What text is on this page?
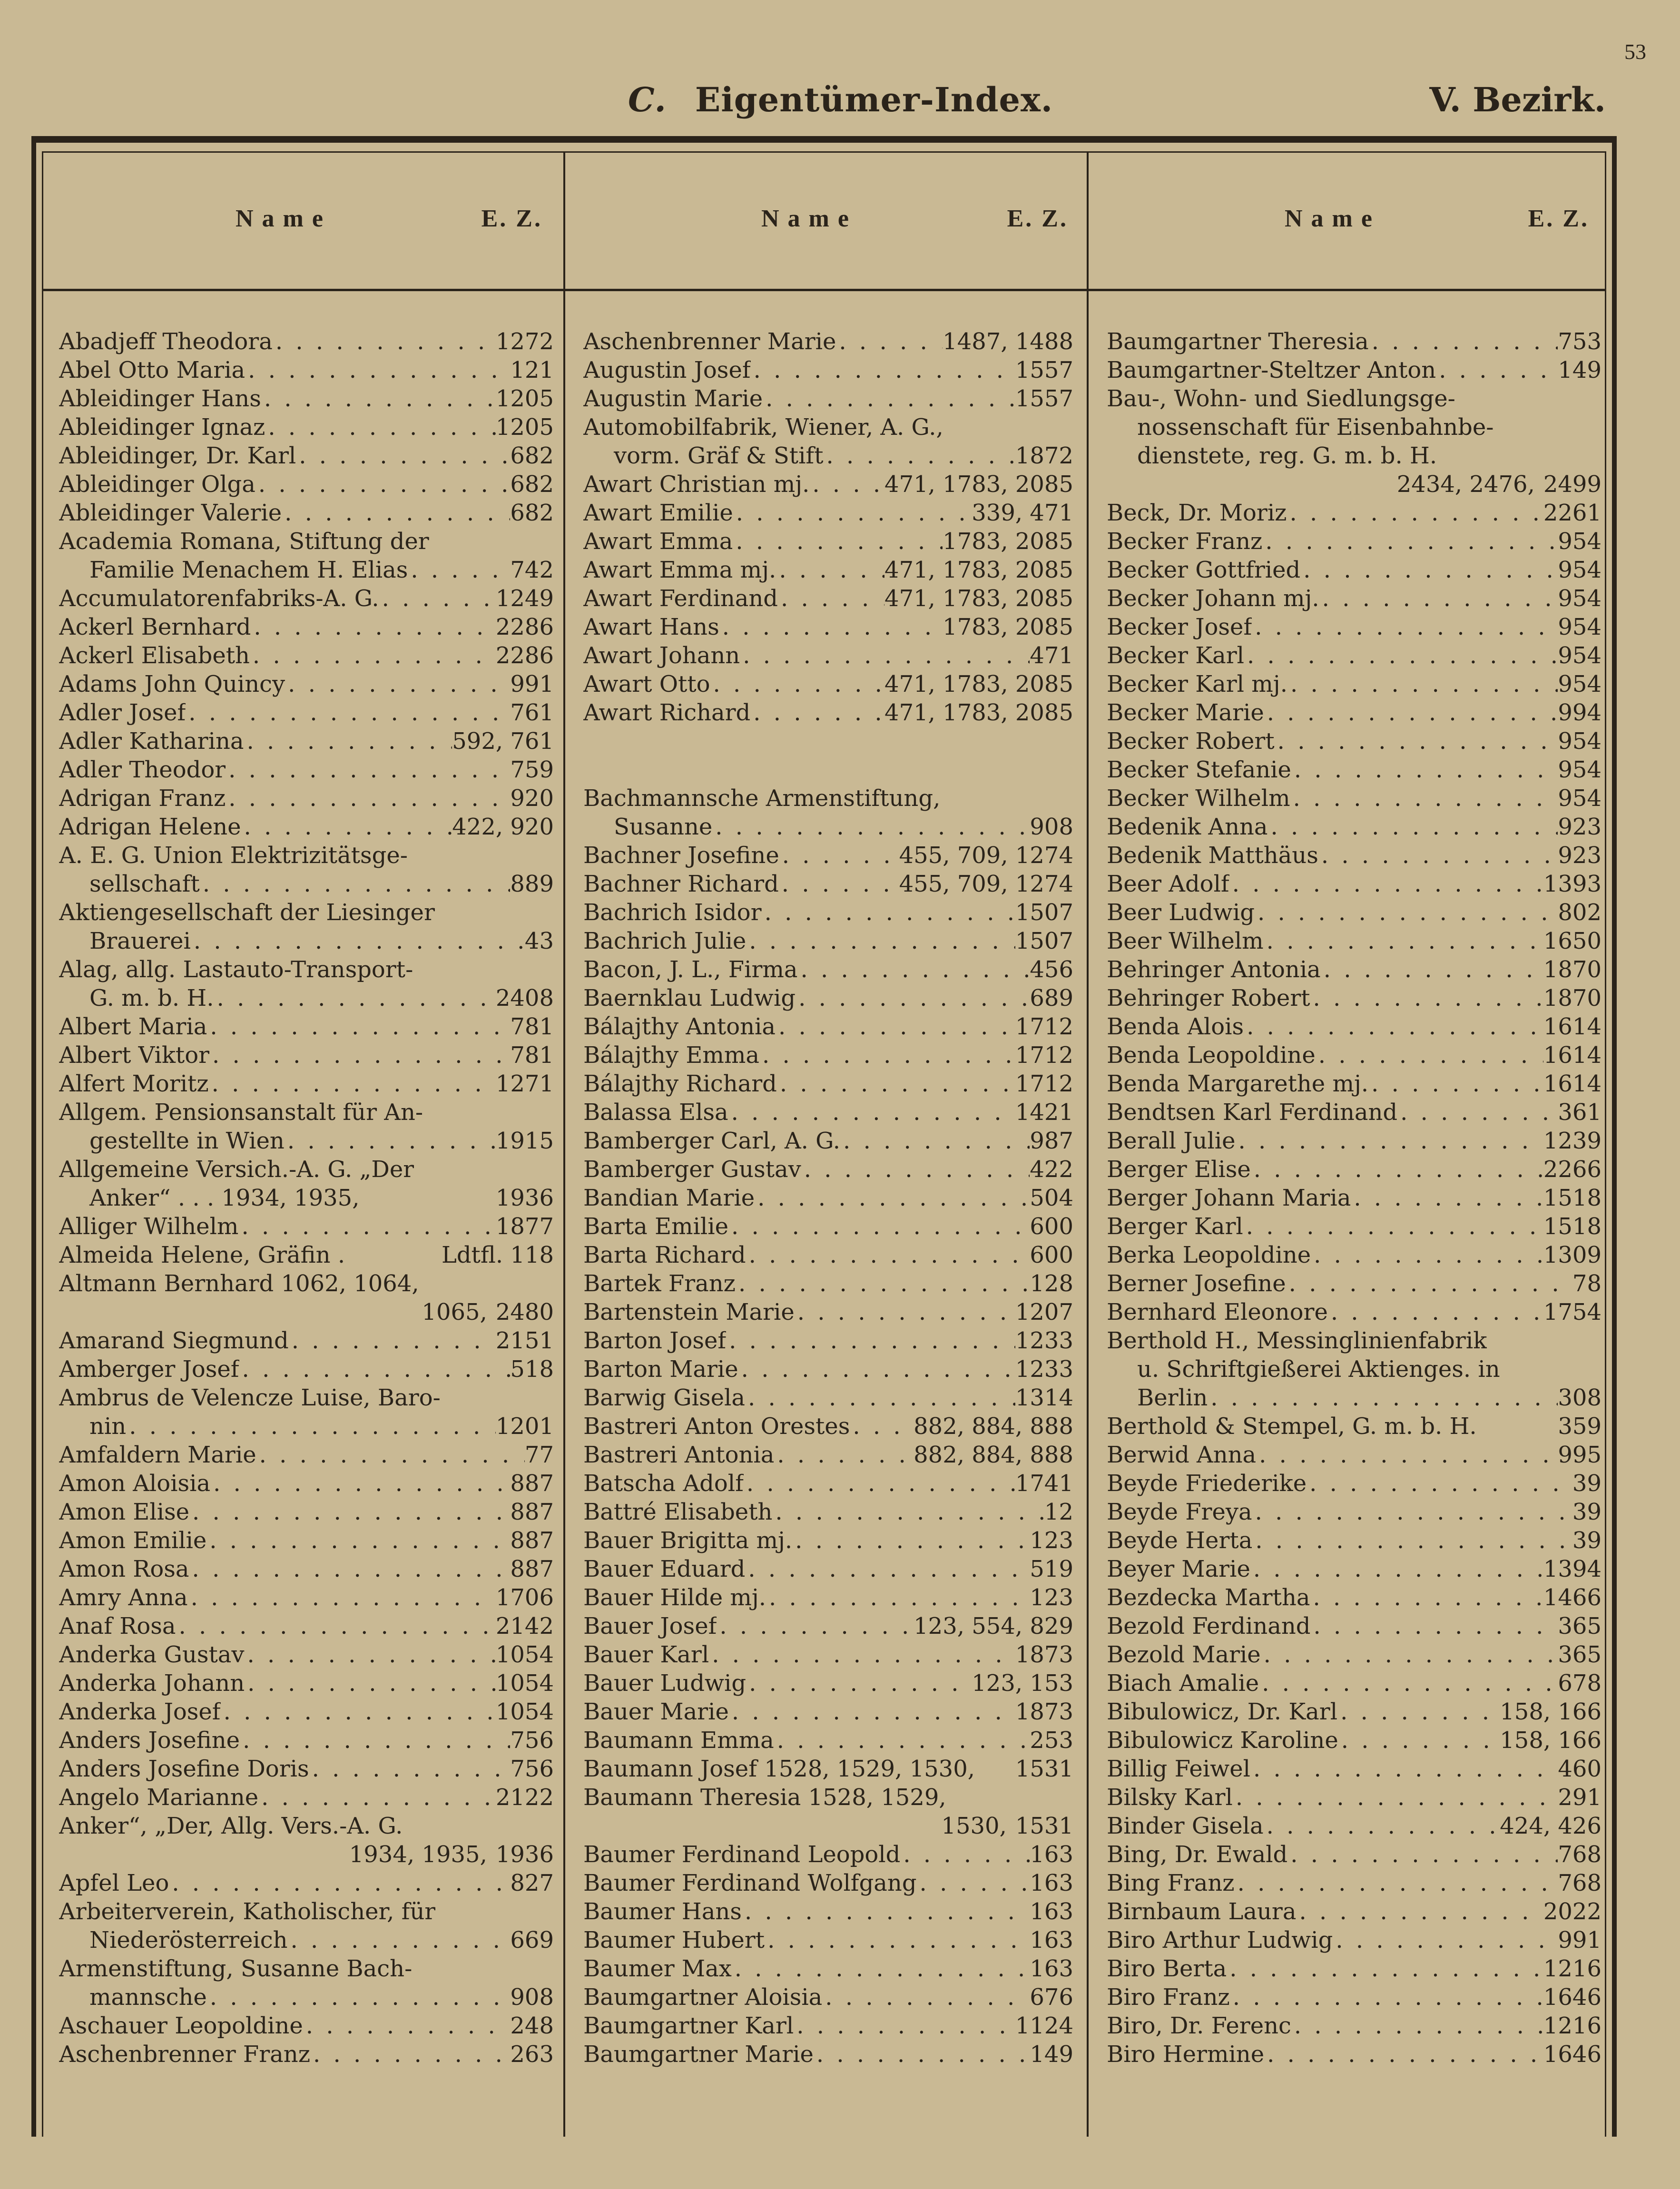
53
C. Eigentümer-Index.	V. Bezirk.
Name	E. Z.	Name	E. Z.	Name	E. Z.
Abadjeff Theodora . . .	1272
Abel Otto Maria . . .	121
Ableidinger Hans . . .	1205
Ableidinger Ignaz . . .	1205
Ableidinger, Dr. Karl . . .	682
Ableidinger Olga . . .	682
Ableidinger Valerie . . .	682
Academia Romana, Stiftung der
Familie Menachem H. Elias . . .	742
Accumulatorenfabriks-A. G. . . .	1249
Ackerl Bernhard . . .	2286
Ackerl Elisabeth . . .	2286
Adams John Quincy . . .	991
Adler Josef . . .	761
Adler Katharina . . .	592, 761
Adler Theodor . . .	759
Adrigan Franz . . .	920
Adrigan Helene . . .	422, 920
A. E. G. Union Elektrizitätsge-
sellschaft . . .	889
Aktiengesellschaft der Liesinger
Brauerei . . .	43
Alag, allg. Lastauto-Transport-
G. m. b. H. . . .	2408
Albert Maria . . .	781
Albert Viktor . . .	781
Alfert Moritz . . .	1271
Allgem. Pensionsanstalt für An-
gestellte in Wien . . .	1915
Allgemeine Versich.-A. G. „Der
Anker“ . . . 1934, 1935,	1936
Alliger Wilhelm . . .	1877
Almeida Helene, Gräfin .	Ldtfl. 118
Altmann Bernhard 1062, 1064,
1065, 2480
Amarand Siegmund . . .	2151
Amberger Josef . . .	518
Ambrus de Velencze Luise, Baro-
nin . . .	1201
Amfaldern Marie . . .	77
Amon Aloisia . . .	887
Amon Elise . . .	887
Amon Emilie . . .	887
Amon Rosa . . .	887
Amry Anna . . .	1706
Anaf Rosa . . .	2142
Anderka Gustav . . .	1054
Anderka Johann . . .	1054
Anderka Josef . . .	1054
Anders Josefine . . .	756
Anders Josefine Doris . . .	756
Angelo Marianne . . .	2122
Anker“, „Der, Allg. Vers.-A. G.
1934, 1935, 1936
Apfel Leo . . .	827
Arbeiterverein, Katholischer, für
Niederösterreich . . .	669
Armenstiftung, Susanne Bach-
mannsche . . .	908
Aschauer Leopoldine . . .	248
Aschenbrenner Franz . . .	263
Aschenbrenner Marie . . .	1487, 1488
Augustin Josef . . .	1557
Augustin Marie . . .	1557
Automobilfabrik, Wiener, A. G.,
vorm. Gräf & Stift . . .	1872
Awart Christian mj. . . .	471, 1783, 2085
Awart Emilie . . .	339, 471
Awart Emma . . .	1783, 2085
Awart Emma mj. . . .	471, 1783, 2085
Awart Ferdinand . . .	471, 1783, 2085
Awart Hans . . .	1783, 2085
Awart Johann . . .	471
Awart Otto . . .	471, 1783, 2085
Awart Richard . . .	471, 1783, 2085
Bachmannsche Armenstiftung,
Susanne . . .	908
Bachner Josefine . . .	455, 709, 1274
Bachner Richard . . .	455, 709, 1274
Bachrich Isidor . . .	1507
Bachrich Julie . . .	1507
Bacon, J. L., Firma . . .	456
Baernklau Ludwig . . .	689
Bálajthy Antonia . . .	1712
Bálajthy Emma . . .	1712
Bálajthy Richard . . .	1712
Balassa Elsa . . .	1421
Bamberger Carl, A. G. . . .	987
Bamberger Gustav . . .	422
Bandian Marie . . .	504
Barta Emilie . . .	600
Barta Richard . . .	600
Bartek Franz . . .	128
Bartenstein Marie . . .	1207
Barton Josef . . .	1233
Barton Marie . . .	1233
Barwig Gisela . . .	1314
Bastreri Anton Orestes . . .	882, 884, 888
Bastreri Antonia . . .	882, 884, 888
Batscha Adolf . . .	1741
Battré Elisabeth . . .	12
Bauer Brigitta mj. . . .	123
Bauer Eduard . . .	519
Bauer Hilde mj. . . .	123
Bauer Josef . . .	123, 554, 829
Bauer Karl . . .	1873
Bauer Ludwig . . .	123, 153
Bauer Marie . . .	1873
Baumann Emma . . .	253
Baumann Josef 1528, 1529, 1530, 1531
Baumann Theresia 1528, 1529,
1530, 1531
Baumer Ferdinand Leopold . . .	163
Baumer Ferdinand Wolfgang . . .	163
Baumer Hans . . .	163
Baumer Hubert . . .	163
Baumer Max . . .	163
Baumgartner Aloisia . . .	676
Baumgartner Karl . . .	1124
Baumgartner Marie . . .	149
Baumgartner Theresia . . .	753
Baumgartner-Steltzer Anton . . .	149
Bau-, Wohn- und Siedlungsge-
nossenschaft für Eisenbahnbe-
dienstete, reg. G. m. b. H.
2434, 2476, 2499
Beck, Dr. Moriz . . .	2261
Becker Franz . . .	954
Becker Gottfried . . .	954
Becker Johann mj. . . .	954
Becker Josef . . .	954
Becker Karl . . .	954
Becker Karl mj. . . .	954
Becker Marie . . .	994
Becker Robert . . .	954
Becker Stefanie . . .	954
Becker Wilhelm . . .	954
Bedenik Anna . . .	923
Bedenik Matthäus . . .	923
Beer Adolf . . .	1393
Beer Ludwig . . .	802
Beer Wilhelm . . .	1650
Behringer Antonia . . .	1870
Behringer Robert . . .	1870
Benda Alois . . .	1614
Benda Leopoldine . . .	1614
Benda Margarethe mj. . . .	1614
Bendtsen Karl Ferdinand . . .	361
Berall Julie . . .	1239
Berger Elise . . .	2266
Berger Johann Maria . . .	1518
Berger Karl . . .	1518
Berka Leopoldine . . .	1309
Berner Josefine . . .	78
Bernhard Eleonore . . .	1754
Berthold H., Messinglinienfabrik
u. Schriftgießerei Aktienges. in
Berlin . . .	308
Berthold & Stempel, G. m. b. H.	359
Berwid Anna . . .	995
Beyde Friederike . . .	39
Beyde Freya . . .	39
Beyde Herta . . .	39
Beyer Marie . . .	1394
Bezdecka Martha . . .	1466
Bezold Ferdinand . . .	365
Bezold Marie . . .	365
Biach Amalie . . .	678
Bibulowicz, Dr. Karl . . .	158, 166
Bibulowicz Karoline . . .	158, 166
Billig Feiwel . . .	460
Bilsky Karl . . .	291
Binder Gisela . . .	424, 426
Bing, Dr. Ewald . . .	768
Bing Franz . . .	768
Birnbaum Laura . . .	2022
Biro Arthur Ludwig . . .	991
Biro Berta . . .	1216
Biro Franz . . .	1646
Biro, Dr. Ferenc . . .	1216
Biro Hermine . . .	1646
